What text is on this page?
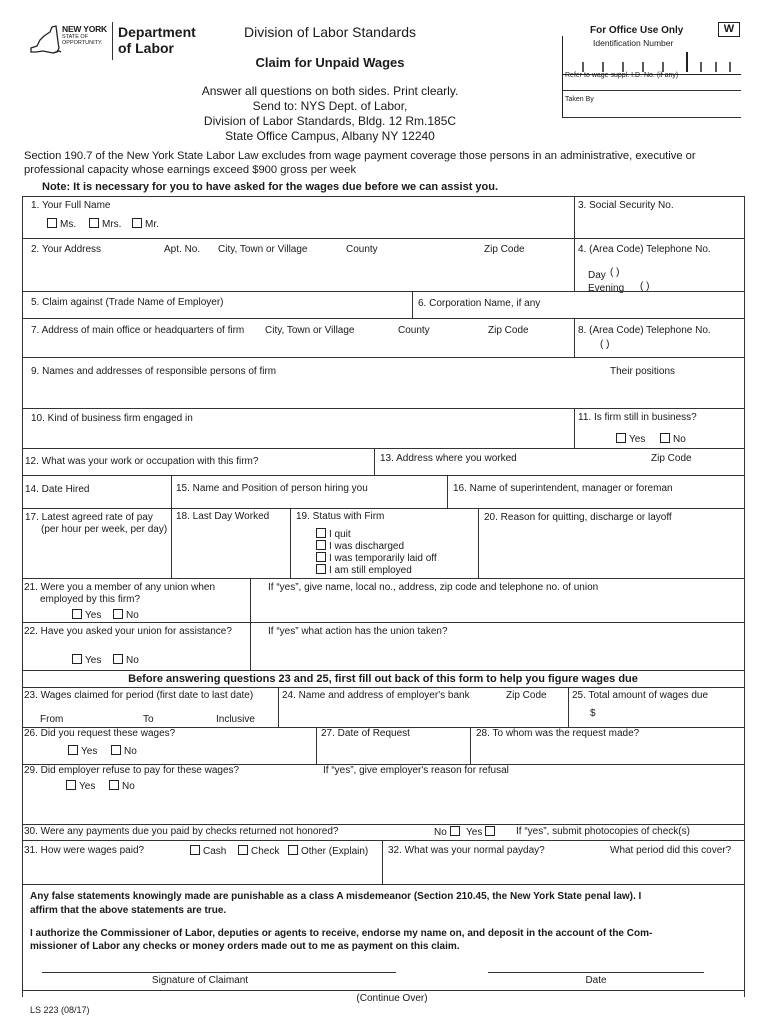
NEW YORK
STATE OF
OPPORTUNITY.
Department
of Labor
Division of Labor Standards
Claim for Unpaid Wages
Answer all questions on both sides. Print clearly.
Send to: NYS Dept. of Labor,
Division of Labor Standards, Bldg. 12 Rm.185C
State Office Campus, Albany NY 12240
For Office Use Only	W
Identification Number
Refer to wage suppl. I.D. No. (if any)
Taken By
Section 190.7 of the New York State Labor Law excludes from wage payment coverage those persons in an administrative, executive or
professional capacity whose earnings exceed $900 gross per week
Note: It is necessary for you to have asked for the wages due before we can assist you.
1. Your Full Name
Ms.	Mrs.	Mr.
3. Social Security No.
2. Your Address	Apt. No. City, Town or Village	County	Zip Code	4. (Area Code) Telephone No.
Day ( )
Evening ( )
5. Claim against (Trade Name of Employer)	6. Corporation Name, if any
7. Address of main office or headquarters of firm City, Town or Village	County	Zip Code	8. (Area Code) Telephone No.
( )
9. Names and addresses of responsible persons of firm	Their positions
10. Kind of business firm engaged in	11. Is firm still in business?
Yes	No
12. What was your work or occupation with this firm?	13. Address where you worked	Zip Code
14. Date Hired	15. Name and Position of person hiring you	16. Name of superintendent, manager or foreman
17. Latest agreed rate of pay
(per hour per week, per day)
18. Last Day Worked	19. Status with Firm
I quit
I was discharged
I was temporarily laid off
I am still employed
20. Reason for quitting, discharge or layoff
21. Were you a member of any union when
employed by this firm?
Yes	No
If “yes”, give name, local no., address, zip code and telephone no. of union
22. Have you asked your union for assistance?	If “yes” what action has the union taken?
Yes	No
Before answering questions 23 and 25, first fill out back of this form to help you figure wages due
23. Wages claimed for period (first date to last date)
From	To	Inclusive
24. Name and address of employer's bank	Zip Code	25. Total amount of wages due
$
26. Did you request these wages?
Yes	No
27. Date of Request	28. To whom was the request made?
29. Did employer refuse to pay for these wages?	If “yes”, give employer's reason for refusal
Yes	No
30. Were any payments due you paid by checks returned not honored?	No	Yes	If “yes”, submit photocopies of check(s)
31. How were wages paid?	Cash	Check	Other (Explain) 32. What was your normal payday?	What period did this cover?
Any false statements knowingly made are punishable as a class A misdemeanor (Section 210.45, the New York State penal law). I
affirm that the above statements are true.
I authorize the Commissioner of Labor, deputies or agents to receive, endorse my name on, and deposit in the account of the Com-
missioner of Labor any checks or money orders made out to me as payment on this claim.
Signature of Claimant	Date
(Continue Over)
LS 223 (08/17)
